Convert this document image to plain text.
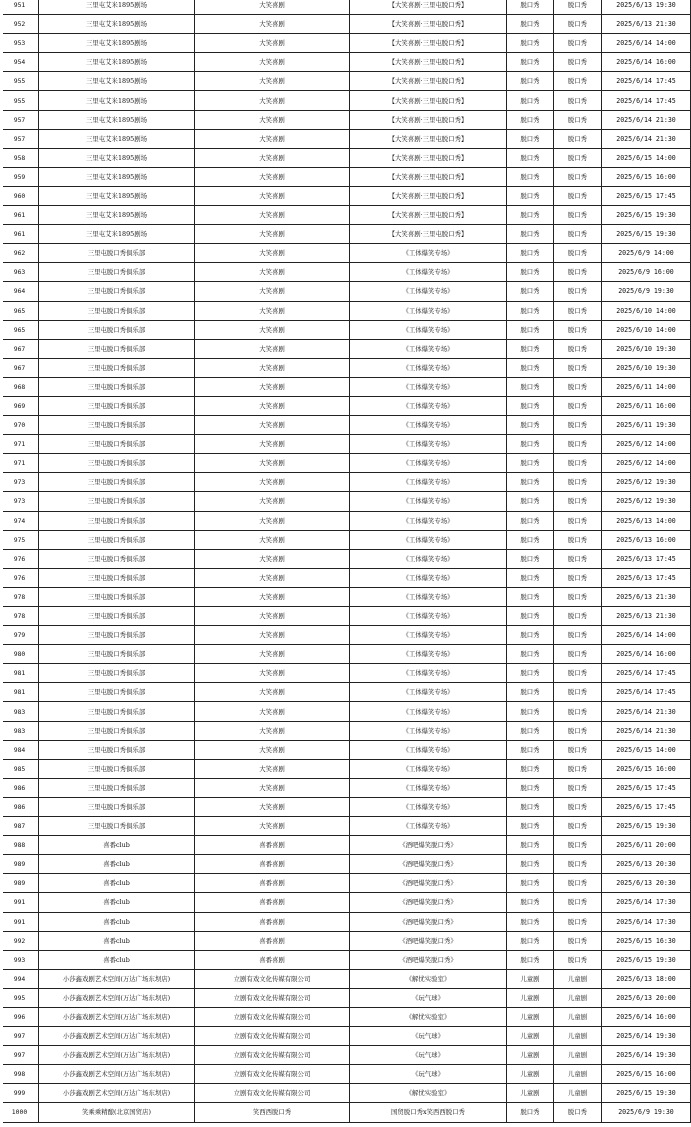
951	三里屯艾米1895剧场	大笑喜剧	【大笑喜剧·三里屯脱口秀】	脱口秀	脱口秀	2025/6/13 19:30
952	三里屯艾米1895剧场	大笑喜剧	【大笑喜剧·三里屯脱口秀】	脱口秀	脱口秀	2025/6/13 21:30
953	三里屯艾米1895剧场	大笑喜剧	【大笑喜剧·三里屯脱口秀】	脱口秀	脱口秀	2025/6/14 14:00
954	三里屯艾米1895剧场	大笑喜剧	【大笑喜剧·三里屯脱口秀】	脱口秀	脱口秀	2025/6/14 16:00
955	三里屯艾米1895剧场	大笑喜剧	【大笑喜剧·三里屯脱口秀】	脱口秀	脱口秀	2025/6/14 17:45
955	三里屯艾米1895剧场	大笑喜剧	【大笑喜剧·三里屯脱口秀】	脱口秀	脱口秀	2025/6/14 17:45
957	三里屯艾米1895剧场	大笑喜剧	【大笑喜剧·三里屯脱口秀】	脱口秀	脱口秀	2025/6/14 21:30
957	三里屯艾米1895剧场	大笑喜剧	【大笑喜剧·三里屯脱口秀】	脱口秀	脱口秀	2025/6/14 21:30
958	三里屯艾米1895剧场	大笑喜剧	【大笑喜剧·三里屯脱口秀】	脱口秀	脱口秀	2025/6/15 14:00
959	三里屯艾米1895剧场	大笑喜剧	【大笑喜剧·三里屯脱口秀】	脱口秀	脱口秀	2025/6/15 16:00
960	三里屯艾米1895剧场	大笑喜剧	【大笑喜剧·三里屯脱口秀】	脱口秀	脱口秀	2025/6/15 17:45
961	三里屯艾米1895剧场	大笑喜剧	【大笑喜剧·三里屯脱口秀】	脱口秀	脱口秀	2025/6/15 19:30
961	三里屯艾米1895剧场	大笑喜剧	【大笑喜剧·三里屯脱口秀】	脱口秀	脱口秀	2025/6/15 19:30
962	三里屯脱口秀俱乐部	大笑喜剧	《工体爆笑专场》	脱口秀	脱口秀	2025/6/9 14:00
963	三里屯脱口秀俱乐部	大笑喜剧	《工体爆笑专场》	脱口秀	脱口秀	2025/6/9 16:00
964	三里屯脱口秀俱乐部	大笑喜剧	《工体爆笑专场》	脱口秀	脱口秀	2025/6/9 19:30
965	三里屯脱口秀俱乐部	大笑喜剧	《工体爆笑专场》	脱口秀	脱口秀	2025/6/10 14:00
965	三里屯脱口秀俱乐部	大笑喜剧	《工体爆笑专场》	脱口秀	脱口秀	2025/6/10 14:00
967	三里屯脱口秀俱乐部	大笑喜剧	《工体爆笑专场》	脱口秀	脱口秀	2025/6/10 19:30
967	三里屯脱口秀俱乐部	大笑喜剧	《工体爆笑专场》	脱口秀	脱口秀	2025/6/10 19:30
968	三里屯脱口秀俱乐部	大笑喜剧	《工体爆笑专场》	脱口秀	脱口秀	2025/6/11 14:00
969	三里屯脱口秀俱乐部	大笑喜剧	《工体爆笑专场》	脱口秀	脱口秀	2025/6/11 16:00
970	三里屯脱口秀俱乐部	大笑喜剧	《工体爆笑专场》	脱口秀	脱口秀	2025/6/11 19:30
971	三里屯脱口秀俱乐部	大笑喜剧	《工体爆笑专场》	脱口秀	脱口秀	2025/6/12 14:00
971	三里屯脱口秀俱乐部	大笑喜剧	《工体爆笑专场》	脱口秀	脱口秀	2025/6/12 14:00
973	三里屯脱口秀俱乐部	大笑喜剧	《工体爆笑专场》	脱口秀	脱口秀	2025/6/12 19:30
973	三里屯脱口秀俱乐部	大笑喜剧	《工体爆笑专场》	脱口秀	脱口秀	2025/6/12 19:30
974	三里屯脱口秀俱乐部	大笑喜剧	《工体爆笑专场》	脱口秀	脱口秀	2025/6/13 14:00
975	三里屯脱口秀俱乐部	大笑喜剧	《工体爆笑专场》	脱口秀	脱口秀	2025/6/13 16:00
976	三里屯脱口秀俱乐部	大笑喜剧	《工体爆笑专场》	脱口秀	脱口秀	2025/6/13 17:45
976	三里屯脱口秀俱乐部	大笑喜剧	《工体爆笑专场》	脱口秀	脱口秀	2025/6/13 17:45
978	三里屯脱口秀俱乐部	大笑喜剧	《工体爆笑专场》	脱口秀	脱口秀	2025/6/13 21:30
978	三里屯脱口秀俱乐部	大笑喜剧	《工体爆笑专场》	脱口秀	脱口秀	2025/6/13 21:30
979	三里屯脱口秀俱乐部	大笑喜剧	《工体爆笑专场》	脱口秀	脱口秀	2025/6/14 14:00
980	三里屯脱口秀俱乐部	大笑喜剧	《工体爆笑专场》	脱口秀	脱口秀	2025/6/14 16:00
981	三里屯脱口秀俱乐部	大笑喜剧	《工体爆笑专场》	脱口秀	脱口秀	2025/6/14 17:45
981	三里屯脱口秀俱乐部	大笑喜剧	《工体爆笑专场》	脱口秀	脱口秀	2025/6/14 17:45
983	三里屯脱口秀俱乐部	大笑喜剧	《工体爆笑专场》	脱口秀	脱口秀	2025/6/14 21:30
983	三里屯脱口秀俱乐部	大笑喜剧	《工体爆笑专场》	脱口秀	脱口秀	2025/6/14 21:30
984	三里屯脱口秀俱乐部	大笑喜剧	《工体爆笑专场》	脱口秀	脱口秀	2025/6/15 14:00
985	三里屯脱口秀俱乐部	大笑喜剧	《工体爆笑专场》	脱口秀	脱口秀	2025/6/15 16:00
986	三里屯脱口秀俱乐部	大笑喜剧	《工体爆笑专场》	脱口秀	脱口秀	2025/6/15 17:45
986	三里屯脱口秀俱乐部	大笑喜剧	《工体爆笑专场》	脱口秀	脱口秀	2025/6/15 17:45
987	三里屯脱口秀俱乐部	大笑喜剧	《工体爆笑专场》	脱口秀	脱口秀	2025/6/15 19:30
988	喜番club	喜番喜剧	《酒吧爆笑脱口秀》	脱口秀	脱口秀	2025/6/11 20:00
989	喜番club	喜番喜剧	《酒吧爆笑脱口秀》	脱口秀	脱口秀	2025/6/13 20:30
989	喜番club	喜番喜剧	《酒吧爆笑脱口秀》	脱口秀	脱口秀	2025/6/13 20:30
991	喜番club	喜番喜剧	《酒吧爆笑脱口秀》	脱口秀	脱口秀	2025/6/14 17:30
991	喜番club	喜番喜剧	《酒吧爆笑脱口秀》	脱口秀	脱口秀	2025/6/14 17:30
992	喜番club	喜番喜剧	《酒吧爆笑脱口秀》	脱口秀	脱口秀	2025/6/15 16:30
993	喜番club	喜番喜剧	《酒吧爆笑脱口秀》	脱口秀	脱口秀	2025/6/15 19:30
994	小莎鑫戏剧艺术空间(万达广场东坝店)	立剧有戏文化传媒有限公司	《解忧实验室》	儿童剧	儿童剧	2025/6/13 18:00
995	小莎鑫戏剧艺术空间(万达广场东坝店)	立剧有戏文化传媒有限公司	《玩气球》	儿童剧	儿童剧	2025/6/13 20:00
996	小莎鑫戏剧艺术空间(万达广场东坝店)	立剧有戏文化传媒有限公司	《解忧实验室》	儿童剧	儿童剧	2025/6/14 16:00
997	小莎鑫戏剧艺术空间(万达广场东坝店)	立剧有戏文化传媒有限公司	《玩气球》	儿童剧	儿童剧	2025/6/14 19:30
997	小莎鑫戏剧艺术空间(万达广场东坝店)	立剧有戏文化传媒有限公司	《玩气球》	儿童剧	儿童剧	2025/6/14 19:30
998	小莎鑫戏剧艺术空间(万达广场东坝店)	立剧有戏文化传媒有限公司	《玩气球》	儿童剧	儿童剧	2025/6/15 16:00
999	小莎鑫戏剧艺术空间(万达广场东坝店)	立剧有戏文化传媒有限公司	《解忧实验室》	儿童剧	儿童剧	2025/6/15 19:30
1000	笑乘乘精酿(北京国贸店)	笑西西脱口秀	国贸脱口秀x笑西西脱口秀	脱口秀	脱口秀	2025/6/9 19:30
